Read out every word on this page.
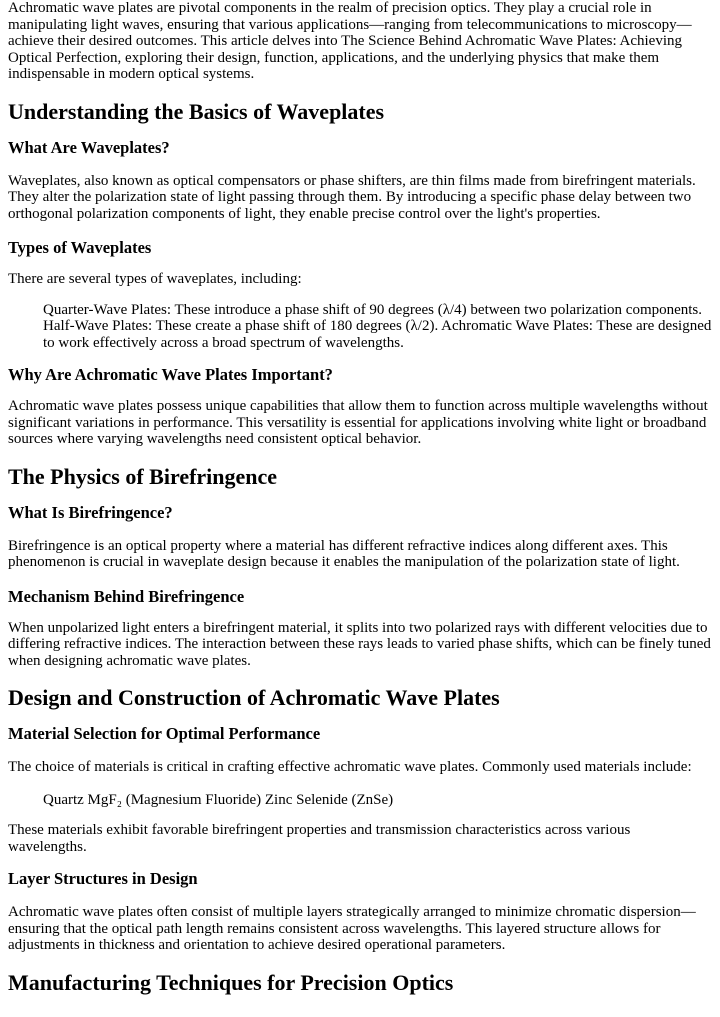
Achromatic wave plates are pivotal components in the realm of precision optics. They play a crucial role in manipulating light waves, ensuring that various applications—ranging from telecommunications to microscopy—achieve their desired outcomes. This article delves into The Science Behind Achromatic Wave Plates: Achieving Optical Perfection, exploring their design, function, applications, and the underlying physics that make them indispensable in modern optical systems.

Understanding the Basics of Waveplates
What Are Waveplates?

Waveplates, also known as optical compensators or phase shifters, are thin films made from birefringent materials. They alter the polarization state of light passing through them. By introducing a specific phase delay between two orthogonal polarization components of light, they enable precise control over the light's properties.

Types of Waveplates

There are several types of waveplates, including:

Quarter-Wave Plates: These introduce a phase shift of 90 degrees (λ/4) between two polarization components. Half-Wave Plates: These create a phase shift of 180 degrees (λ/2). Achromatic Wave Plates: These are designed to work effectively across a broad spectrum of wavelengths.

Why Are Achromatic Wave Plates Important?

Achromatic wave plates possess unique capabilities that allow them to function across multiple wavelengths without significant variations in performance. This versatility is essential for applications involving white light or broadband sources where varying wavelengths need consistent optical behavior.

The Physics of Birefringence
What Is Birefringence?

Birefringence is an optical property where a material has different refractive indices along different axes. This phenomenon is crucial in waveplate design because it enables the manipulation of the polarization state of light.

Mechanism Behind Birefringence

When unpolarized light enters a birefringent material, it splits into two polarized rays with different velocities due to differing refractive indices. The interaction between these rays leads to varied phase shifts, which can be finely tuned when designing achromatic wave plates.

Design and Construction of Achromatic Wave Plates
Material Selection for Optimal Performance

The choice of materials is critical in crafting effective achromatic wave plates. Commonly used materials include:

Quartz MgF₂ (Magnesium Fluoride) Zinc Selenide (ZnSe)

These materials exhibit favorable birefringent properties and transmission characteristics across various wavelengths.

Layer Structures in Design

Achromatic wave plates often consist of multiple layers strategically arranged to minimize chromatic dispersion—ensuring that the optical path length remains consistent across wavelengths. This layered structure allows for adjustments in thickness and orientation to achieve desired operational parameters.

Manufacturing Techniques for Precision Optics
